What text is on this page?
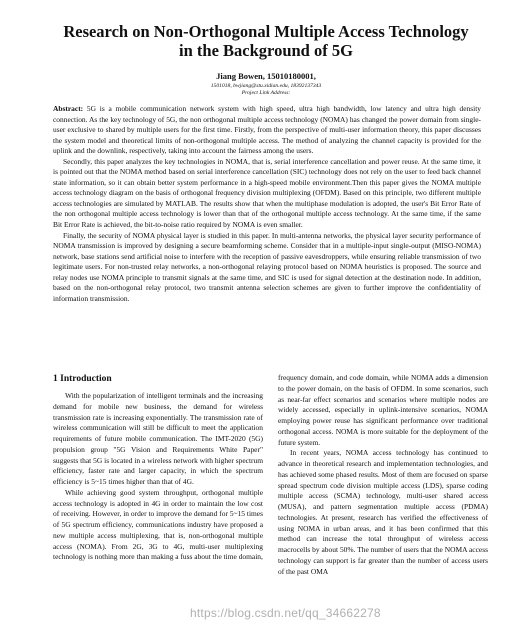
Research on Non-Orthogonal Multiple Access Technology in the Background of 5G
Jiang Bowen, 15010180001,
1501018, bwjiang@stu.xidian.edu, 18392137343
Project Link Address:

Abstract: 5G is a mobile communication network system with high speed, ultra high bandwidth, low latency and ultra high density connection. As the key technology of 5G, the non orthogonal multiple access technology (NOMA) has changed the power domain from single-user exclusive to shared by multiple users for the first time. Firstly, from the perspective of multi-user information theory, this paper discusses the system model and theoretical limits of non-orthogonal multiple access. The method of analyzing the channel capacity is provided for the uplink and the downlink, respectively, taking into account the fairness among the users.

Secondly, this paper analyzes the key technologies in NOMA, that is, serial interference cancellation and power reuse. At the same time, it is pointed out that the NOMA method based on serial interference cancellation (SIC) technology does not rely on the user to feed back channel state information, so it can obtain better system performance in a high-speed mobile environment.Then this paper gives the NOMA multiple access technology diagram on the basis of orthogonal frequency division multiplexing (OFDM). Based on this principle, two different multiple access technologies are simulated by MATLAB. The results show that when the multiphase modulation is adopted, the user's Bit Error Rate of the non orthogonal multiple access technology is lower than that of the orthogonal multiple access technology. At the same time, if the same Bit Error Rate is achieved, the bit-to-noise ratio required by NOMA is even smaller.

Finally, the security of NOMA physical layer is studied in this paper. In multi-antenna networks, the physical layer security performance of NOMA transmission is improved by designing a secure beamforming scheme. Consider that in a multiple-input single-output (MISO-NOMA) network, base stations send artificial noise to interfere with the reception of passive eavesdroppers, while ensuring reliable transmission of two legitimate users. For non-trusted relay networks, a non-orthogonal relaying protocol based on NOMA heuristics is proposed. The source and relay nodes use NOMA principle to transmit signals at the same time, and SIC is used for signal detection at the destination node. In addition, based on the non-orthogonal relay protocol, two transmit antenna selection schemes are given to further improve the confidentiality of information transmission.

1 Introduction

With the popularization of intelligent terminals and the increasing demand for mobile new business, the demand for wireless transmission rate is increasing exponentially. The transmission rate of wireless communication will still be difficult to meet the application requirements of future mobile communication. The IMT-2020 (5G) propulsion group "5G Vision and Requirements White Paper" suggests that 5G is located in a wireless network with higher spectrum efficiency, faster rate and larger capacity, in which the spectrum efficiency is 5~15 times higher than that of 4G.

While achieving good system throughput, orthogonal multiple access technology is adopted in 4G in order to maintain the low cost of receiving. However, in order to improve the demand for 5~15 times of 5G spectrum efficiency, communications industry have proposed a new multiple access multiplexing, that is, non-orthogonal multiple access (NOMA). From 2G, 3G to 4G, multi-user multiplexing technology is nothing more than making a fuss about the time domain,

frequency domain, and code domain, while NOMA adds a dimension to the power domain, on the basis of OFDM. In some scenarios, such as near-far effect scenarios and scenarios where multiple nodes are widely accessed, especially in uplink-intensive scenarios, NOMA employing power reuse has significant performance over traditional orthogonal access. NOMA is more suitable for the deployment of the future system.

In recent years, NOMA access technology has continued to advance in theoretical research and implementation technologies, and has achieved some phased results. Most of them are focused on sparse spread spectrum code division multiple access (LDS), sparse coding multiple access (SCMA) technology, multi-user shared access (MUSA), and pattern segmentation multiple access (PDMA) technologies. At present, research has verified the effectiveness of using NOMA in urban areas, and it has been confirmed that this method can increase the total throughput of wireless access macrocells by about 50%. The number of users that the NOMA access technology can support is far greater than the number of access users of the past OMA

https://blog.csdn.net/qq_34662278
